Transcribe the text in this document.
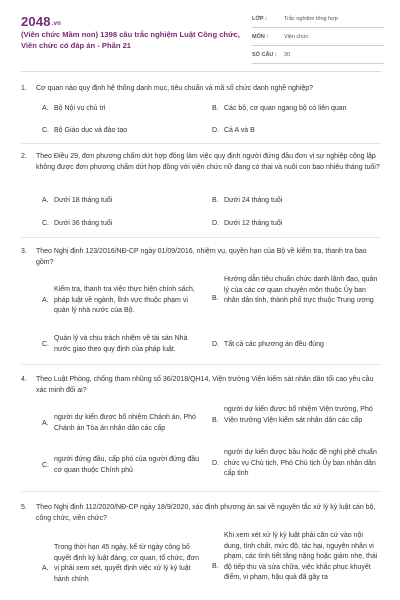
2048.vn
(Viên chức Mầm non) 1398 câu trắc nghiệm Luật Công chức, Viên chức có đáp án - Phần 21
LỚP :	Trắc nghiệm tổng hợp
MÔN :	Viên chức
SỐ CÂU : 30
1. Cơ quan nào quy định hệ thống danh mục, tiêu chuẩn và mã số chức danh nghề nghiệp?
A. Bộ Nội vụ chủ trì	B. Các bộ, cơ quan ngang bộ có liên quan
C. Bộ Giáo dục và đào tạo	D. Cả A và B
2. Theo Điều 29, đơn phương chấm dứt hợp đồng làm việc quy định người đứng đầu đơn vị sự nghiệp công lập không được đơn phương chấm dứt hợp đồng với viên chức nữ đang có thai và nuôi con bao nhiêu tháng tuổi?
A. Dưới 18 tháng tuổi	B. Dưới 24 tháng tuổi
C. Dưới 36 tháng tuổi	D. Dưới 12 tháng tuổi
3. Theo Nghị định 123/2016/NĐ-CP ngày 01/09/2016, nhiệm vụ, quyền hạn của Bộ về kiểm tra, thanh tra bao gồm?
A.
Kiểm tra, thanh tra việc thực hiện chính sách, pháp luật về ngành, lĩnh vực thuộc phạm vi quản lý nhà nước của Bộ.
B.
Hướng dẫn tiêu chuẩn chức danh lãnh đạo, quản lý của các cơ quan chuyên môn thuộc Ủy ban nhân dân tỉnh, thành phố trực thuộc Trung ương
C.
Quản lý và chịu trách nhiệm về tài sản Nhà nước giao theo quy định của pháp luật.
D. Tất cả các phương án đều đúng
4. Theo Luật Phòng, chống tham nhũng số 36/2018/QH14, Viện trưởng Viện kiểm sát nhân dân tối cao yêu cầu xác minh đối ai?
A.
người dự kiến được bổ nhiệm Chánh án, Phó Chánh án Tòa án nhân dân các cấp
B.
người dự kiến được bổ nhiệm Viện trưởng, Phó Viện trưởng Viện kiểm sát nhân dân các cấp
C.
người đứng đầu, cấp phó của người đứng đầu cơ quan thuộc Chính phủ
D.
người dự kiến được bầu hoặc đề nghị phê chuẩn chức vụ Chủ tịch, Phó Chủ tịch Ủy ban nhân dân cấp tỉnh
5. Theo Nghị định 112/2020/NĐ-CP ngày 18/9/2020, xác định phương án sai về nguyên tắc xử lý kỷ luật cán bộ, công chức, viên chức?
A.
Trong thời hạn 45 ngày, kể từ ngày công bố quyết định kỷ luật đảng, cơ quan, tổ chức, đơn vị phải xem xét, quyết định việc xử lý kỷ luật hành chính
B.
Khi xem xét xử lý kỷ luật phải căn cứ vào nội dung, tính chất, mức độ, tác hại, nguyên nhân vi phạm, các tình tiết tăng nặng hoặc giảm nhẹ, thái độ tiếp thu và sửa chữa, việc khắc phục khuyết điểm, vi phạm, hậu quả đã gây ra
